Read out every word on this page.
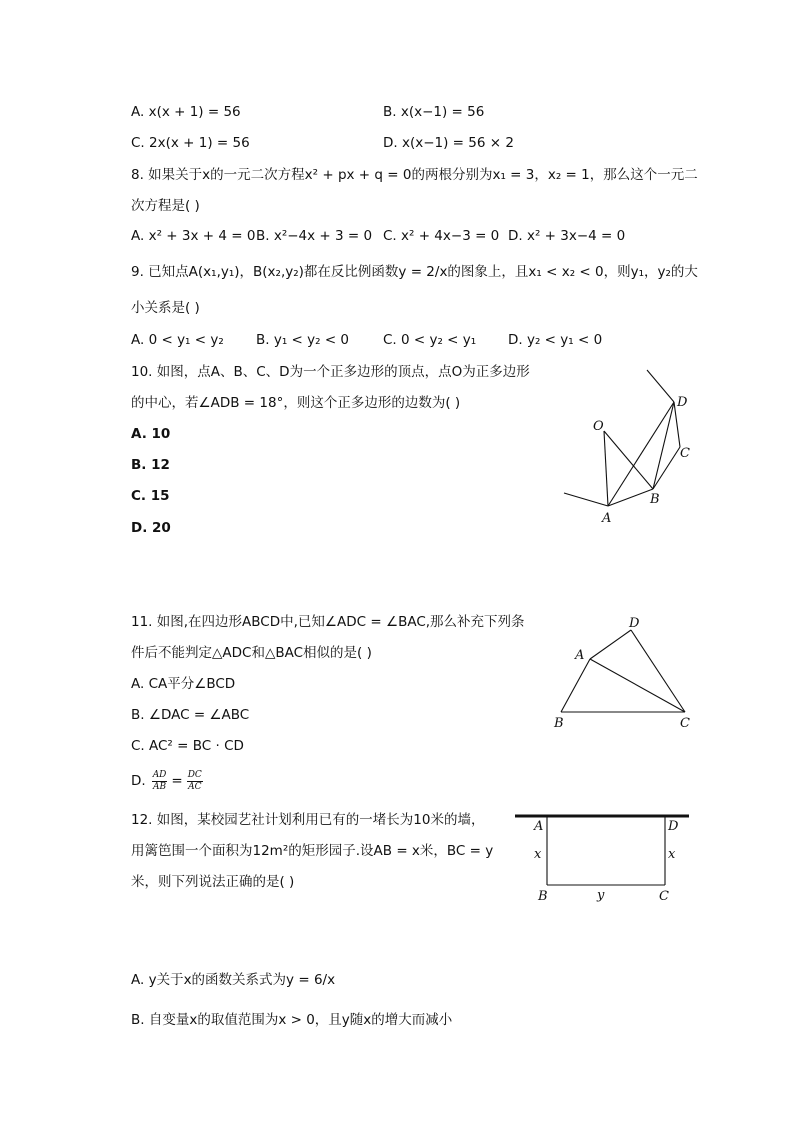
A. x(x + 1) = 56	B. x(x−1) = 56
C. 2x(x + 1) = 56	D. x(x−1) = 56 × 2
8. 如果关于x的一元二次方程x² + px + q = 0的两根分别为x₁ = 3，x₂ = 1，那么这个一元二
次方程是( )
A. x² + 3x + 4 = 0 B. x²−4x + 3 = 0 C. x² + 4x−3 = 0 D. x² + 3x−4 = 0
9. 已知点A(x₁,y₁)，B(x₂,y₂)都在反比例函数y = 2/x的图象上，且x₁ < x₂ < 0，则y₁，y₂的大
小关系是( )
A. 0 < y₁ < y₂ B. y₁ < y₂ < 0	C. 0 < y₂ < y₁ D. y₂ < y₁ < 0
10. 如图，点A、B、C、D为一个正多边形的顶点，点O为正多边形
的中心，若∠ADB = 18°，则这个正多边形的边数为( )
A. 10
B. 12
C. 15
D. 20
O
D
C
B
A
11. 如图,在四边形ABCD中,已知∠ADC = ∠BAC,那么补充下列条
件后不能判定△ADC和△BAC相似的是( )
A. CA平分∠BCD
B. ∠DAC = ∠ABC
C. AC² = BC · CD
D. $\frac{AD}{AB} = \frac{DC}{AC}$
D
A
B	C
12. 如图，某校园艺社计划利用已有的一堵长为10米的墙，
用篱笆围一个面积为12m²的矩形园子.设AB = x米，BC = y
米，则下列说法正确的是( )
A	D
x	x
B	y	C
A. y关于x的函数关系式为y = 6/x
B. 自变量x的取值范围为x > 0，且y随x的增大而减小
